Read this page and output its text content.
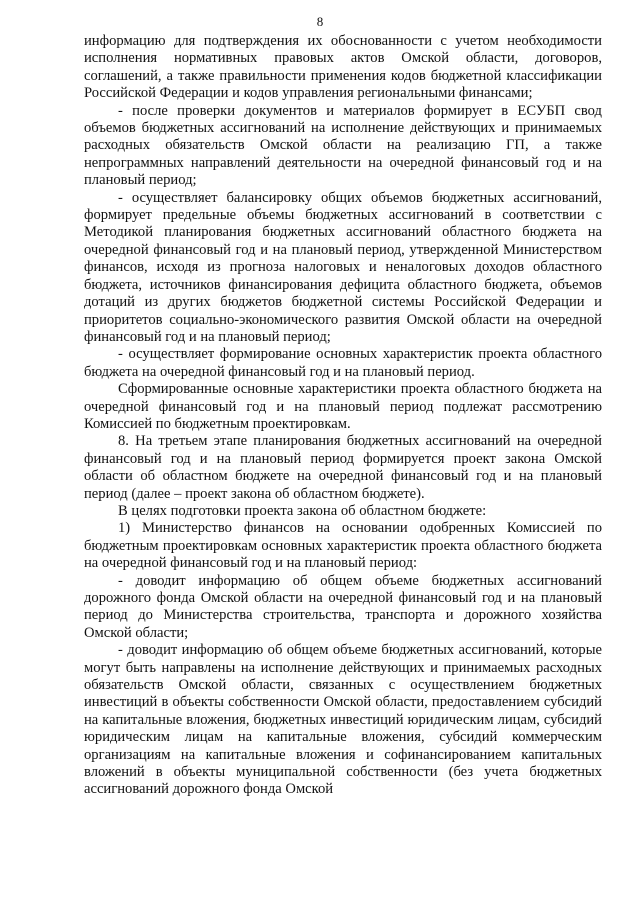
8

информацию для подтверждения их обоснованности с учетом необходимости исполнения нормативных правовых актов Омской области, договоров, соглашений, а также правильности применения кодов бюджетной классификации Российской Федерации и кодов управления региональными финансами;

- после проверки документов и материалов формирует в ЕСУБП свод объемов бюджетных ассигнований на исполнение действующих и принимаемых расходных обязательств Омской области на реализацию ГП, а также непрограммных направлений деятельности на очередной финансовый год и на плановый период;

- осуществляет балансировку общих объемов бюджетных ассигнований, формирует предельные объемы бюджетных ассигнований в соответствии с Методикой планирования бюджетных ассигнований областного бюджета на очередной финансовый год и на плановый период, утвержденной Министерством финансов, исходя из прогноза налоговых и неналоговых доходов областного бюджета, источников финансирования дефицита областного бюджета, объемов дотаций из других бюджетов бюджетной системы Российской Федерации и приоритетов социально-экономического развития Омской области на очередной финансовый год и на плановый период;

- осуществляет формирование основных характеристик проекта областного бюджета на очередной финансовый год и на плановый период.

Сформированные основные характеристики проекта областного бюджета на очередной финансовый год и на плановый период подлежат рассмотрению Комиссией по бюджетным проектировкам.

8. На третьем этапе планирования бюджетных ассигнований на очередной финансовый год и на плановый период формируется проект закона Омской области об областном бюджете на очередной финансовый год и на плановый период (далее – проект закона об областном бюджете).

В целях подготовки проекта закона об областном бюджете:

1) Министерство финансов на основании одобренных Комиссией по бюджетным проектировкам основных характеристик проекта областного бюджета на очередной финансовый год и на плановый период:

- доводит информацию об общем объеме бюджетных ассигнований дорожного фонда Омской области на очередной финансовый год и на плановый период до Министерства строительства, транспорта и дорожного хозяйства Омской области;

- доводит информацию об общем объеме бюджетных ассигнований, которые могут быть направлены на исполнение действующих и принимаемых расходных обязательств Омской области, связанных с осуществлением бюджетных инвестиций в объекты собственности Омской области, предоставлением субсидий на капитальные вложения, бюджетных инвестиций юридическим лицам, субсидий юридическим лицам на капитальные вложения, субсидий коммерческим организациям на капитальные вложения и софинансированием капитальных вложений в объекты муниципальной собственности (без учета бюджетных ассигнований дорожного фонда Омской
